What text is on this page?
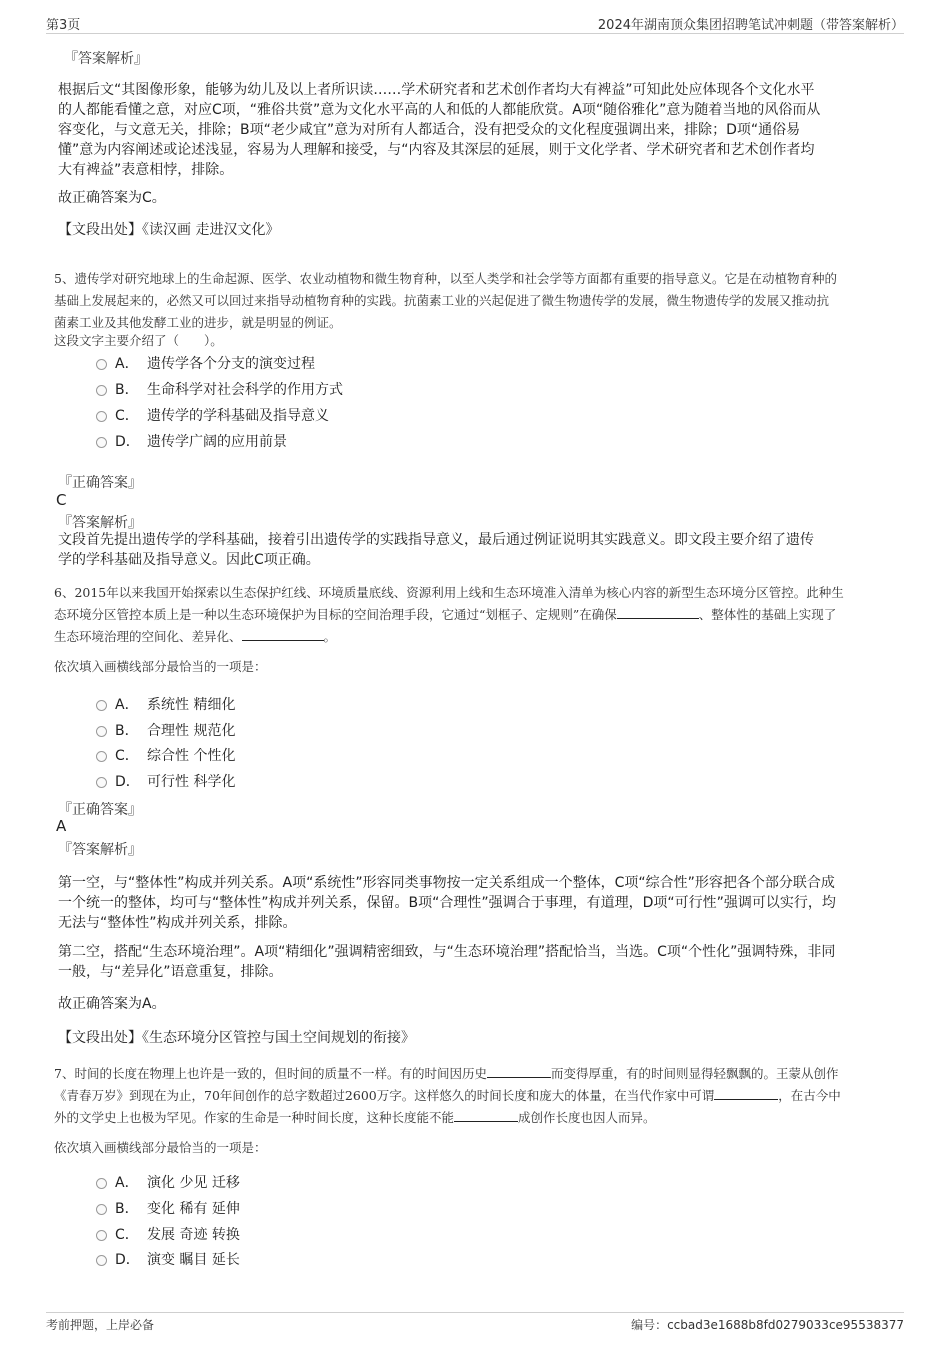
第3页	2024年湖南顶众集团招聘笔试冲刺题（带答案解析）
『答案解析』
根据后文“其图像形象，能够为幼儿及以上者所识读……学术研究者和艺术创作者均大有裨益”可知此处应体现各个文化水平
的人都能看懂之意，对应C项，“雅俗共赏”意为文化水平高的人和低的人都能欣赏。A项“随俗雅化”意为随着当地的风俗而从
容变化，与文意无关，排除；B项“老少咸宜”意为对所有人都适合，没有把受众的文化程度强调出来，排除；D项“通俗易
懂”意为内容阐述或论述浅显，容易为人理解和接受，与“内容及其深层的延展，则于文化学者、学术研究者和艺术创作者均
大有裨益”表意相悖，排除。
故正确答案为C。
【文段出处】《读汉画 走进汉文化》
5、遗传学对研究地球上的生命起源、医学、农业动植物和微生物育种，以至人类学和社会学等方面都有重要的指导意义。它是在动植物育种的
基础上发展起来的，必然又可以回过来指导动植物育种的实践。抗菌素工业的兴起促进了微生物遗传学的发展，微生物遗传学的发展又推动抗
菌素工业及其他发酵工业的进步，就是明显的例证。
这段文字主要介绍了（　　）。
A． 遗传学各个分支的演变过程
B． 生命科学对社会科学的作用方式
C． 遗传学的学科基础及指导意义
D． 遗传学广阔的应用前景
『正确答案』
C
『答案解析』
文段首先提出遗传学的学科基础，接着引出遗传学的实践指导意义，最后通过例证说明其实践意义。即文段主要介绍了遗传
学的学科基础及指导意义。因此C项正确。
6、2015年以来我国开始探索以生态保护红线、环境质量底线、资源利用上线和生态环境准入清单为核心内容的新型生态环境分区管控。此种生
态环境分区管控本质上是一种以生态环境保护为目标的空间治理手段，它通过“划框子、定规则”在确保	、整体性的基础上实现了
生态环境治理的空间化、差异化、	。
依次填入画横线部分最恰当的一项是：
A． 系统性 精细化
B． 合理性 规范化
C． 综合性 个性化
D． 可行性 科学化
『正确答案』
A
『答案解析』
第一空，与“整体性”构成并列关系。A项“系统性”形容同类事物按一定关系组成一个整体，C项“综合性”形容把各个部分联合成
一个统一的整体，均可与“整体性”构成并列关系，保留。B项“合理性”强调合于事理，有道理，D项“可行性”强调可以实行，均
无法与“整体性”构成并列关系，排除。
第二空，搭配“生态环境治理”。A项“精细化”强调精密细致，与“生态环境治理”搭配恰当，当选。C项“个性化”强调特殊，非同
一般，与“差异化”语意重复，排除。
故正确答案为A。
【文段出处】《生态环境分区管控与国土空间规划的衔接》
7、时间的长度在物理上也许是一致的，但时间的质量不一样。有的时间因历史	而变得厚重，有的时间则显得轻飘飘的。王蒙从创作
《青春万岁》到现在为止，70年间创作的总字数超过2600万字。这样悠久的时间长度和庞大的体量，在当代作家中可谓	，在古今中
外的文学史上也极为罕见。作家的生命是一种时间长度，这种长度能不能	成创作长度也因人而异。
依次填入画横线部分最恰当的一项是：
A． 演化 少见 迁移
B． 变化 稀有 延伸
C． 发展 奇迹 转换
D． 演变 瞩目 延长
考前押题，上岸必备	编号：ccbad3e1688b8fd0279033ce95538377
